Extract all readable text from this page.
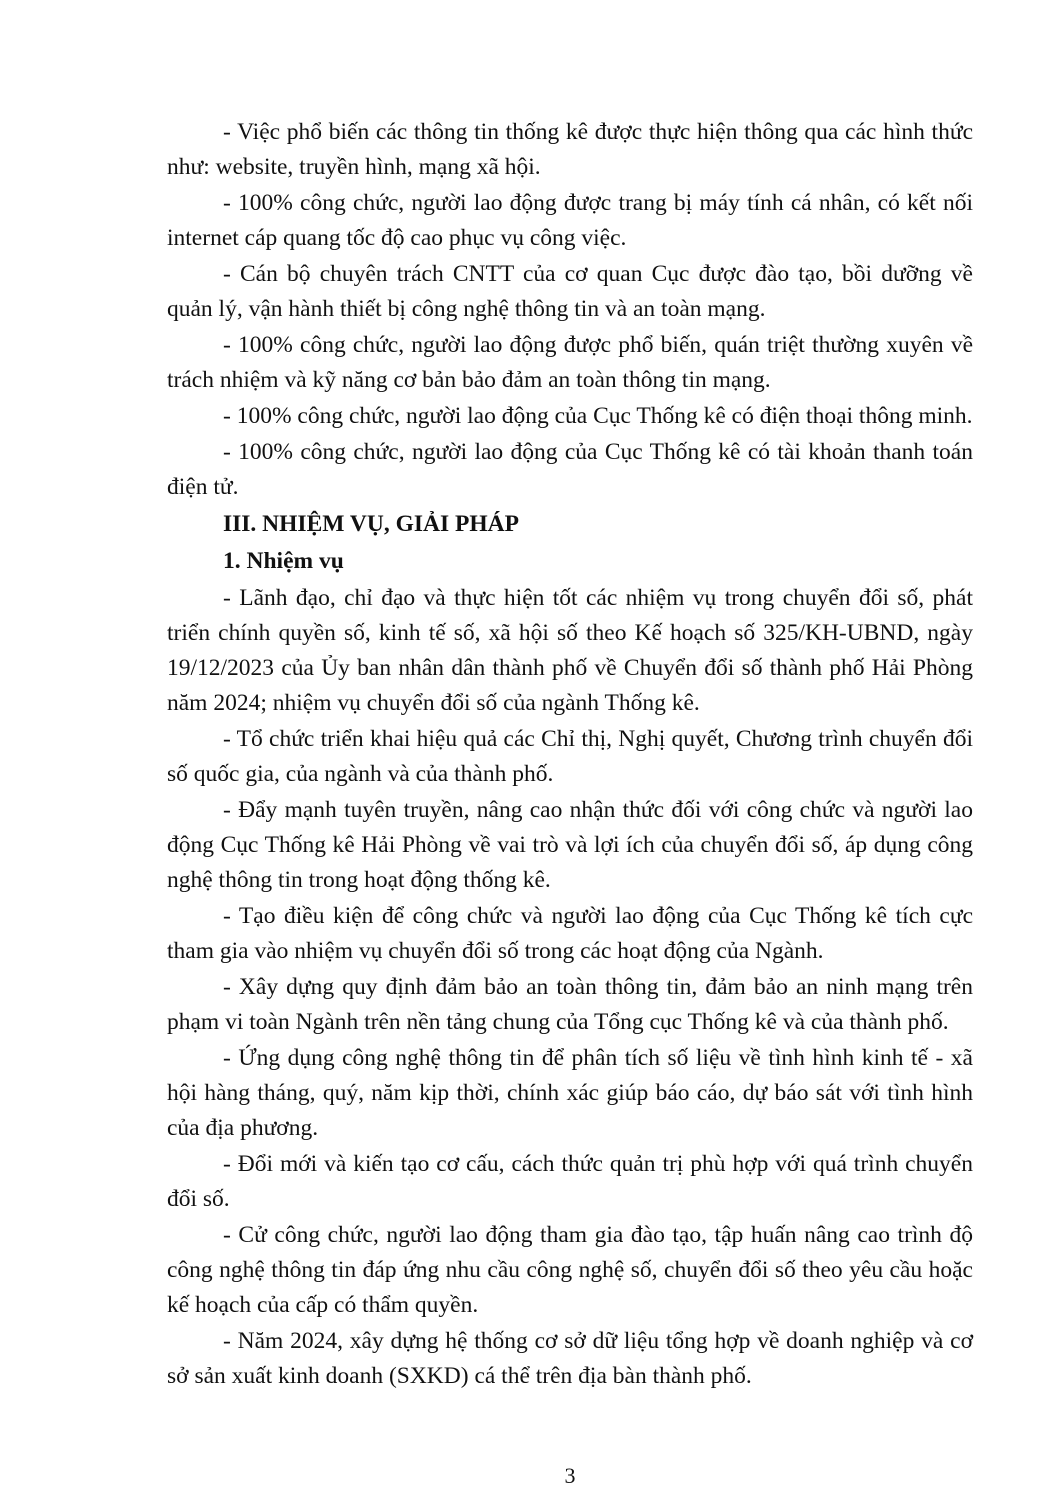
- Việc phổ biến các thông tin thống kê được thực hiện thông qua các hình thức như: website, truyền hình, mạng xã hội.

- 100% công chức, người lao động được trang bị máy tính cá nhân, có kết nối internet cáp quang tốc độ cao phục vụ công việc.

- Cán bộ chuyên trách CNTT của cơ quan Cục được đào tạo, bồi dưỡng về quản lý, vận hành thiết bị công nghệ thông tin và an toàn mạng.

- 100% công chức, người lao động được phổ biến, quán triệt thường xuyên về trách nhiệm và kỹ năng cơ bản bảo đảm an toàn thông tin mạng.

- 100% công chức, người lao động của Cục Thống kê có điện thoại thông minh.

- 100% công chức, người lao động của Cục Thống kê có tài khoản thanh toán điện tử.

III. NHIỆM VỤ, GIẢI PHÁP

1. Nhiệm vụ

- Lãnh đạo, chỉ đạo và thực hiện tốt các nhiệm vụ trong chuyển đổi số, phát triển chính quyền số, kinh tế số, xã hội số theo Kế hoạch số 325/KH-UBND, ngày 19/12/2023 của Ủy ban nhân dân thành phố về Chuyển đổi số thành phố Hải Phòng năm 2024; nhiệm vụ chuyển đổi số của ngành Thống kê.

- Tổ chức triển khai hiệu quả các Chỉ thị, Nghị quyết, Chương trình chuyển đổi số quốc gia, của ngành và của thành phố.

- Đẩy mạnh tuyên truyền, nâng cao nhận thức đối với công chức và người lao động Cục Thống kê Hải Phòng về vai trò và lợi ích của chuyển đổi số, áp dụng công nghệ thông tin trong hoạt động thống kê.

- Tạo điều kiện để công chức và người lao động của Cục Thống kê tích cực tham gia vào nhiệm vụ chuyển đổi số trong các hoạt động của Ngành.

- Xây dựng quy định đảm bảo an toàn thông tin, đảm bảo an ninh mạng trên phạm vi toàn Ngành trên nền tảng chung của Tổng cục Thống kê và của thành phố.

- Ứng dụng công nghệ thông tin để phân tích số liệu về tình hình kinh tế - xã hội hàng tháng, quý, năm kịp thời, chính xác giúp báo cáo, dự báo sát với tình hình của địa phương.

- Đổi mới và kiến tạo cơ cấu, cách thức quản trị phù hợp với quá trình chuyển đổi số.

- Cử công chức, người lao động tham gia đào tạo, tập huấn nâng cao trình độ công nghệ thông tin đáp ứng nhu cầu công nghệ số, chuyển đổi số theo yêu cầu hoặc kế hoạch của cấp có thẩm quyền.

- Năm 2024, xây dựng hệ thống cơ sở dữ liệu tổng hợp về doanh nghiệp và cơ sở sản xuất kinh doanh (SXKD) cá thể trên địa bàn thành phố.

3
